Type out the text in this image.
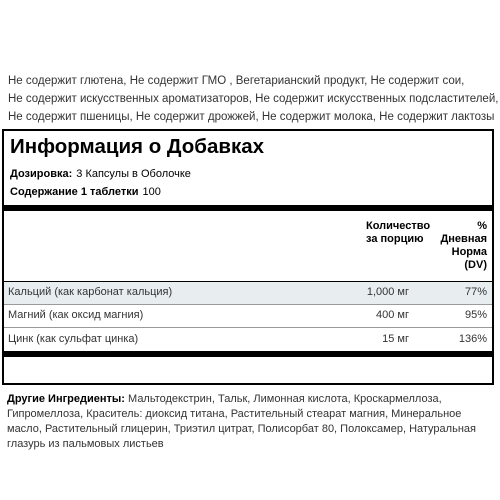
Не содержит глютена, Не содержит ГМО , Вегетарианский продукт, Не содержит сои,
Не содержит искусственных ароматизаторов, Не содержит искусственных подсластителей,
Не содержит пшеницы, Не содержит дрожжей, Не содержит молока, Не содержит лактозы
Информация о Добавках
Дозировка: 3 Капсулы в Оболочке
Содержание 1 таблетки 100
Количество
за порцию
%
Дневная
Норма
(DV)
Кальций (как карбонат кальция)	1,000 мг	77%
Магний (как оксид магния)	400 мг	95%
Цинк (как сульфат цинка)	15 мг	136%
Другие Ингредиенты: Мальтодекстрин, Тальк, Лимонная кислота, Кроскармеллоза, Гипромеллоза, Краситель: диоксид титана, Растительный стеарат магния, Минеральное масло, Растительный глицерин, Триэтил цитрат, Полисорбат 80, Полоксамер, Натуральная глазурь из пальмовых листьев
